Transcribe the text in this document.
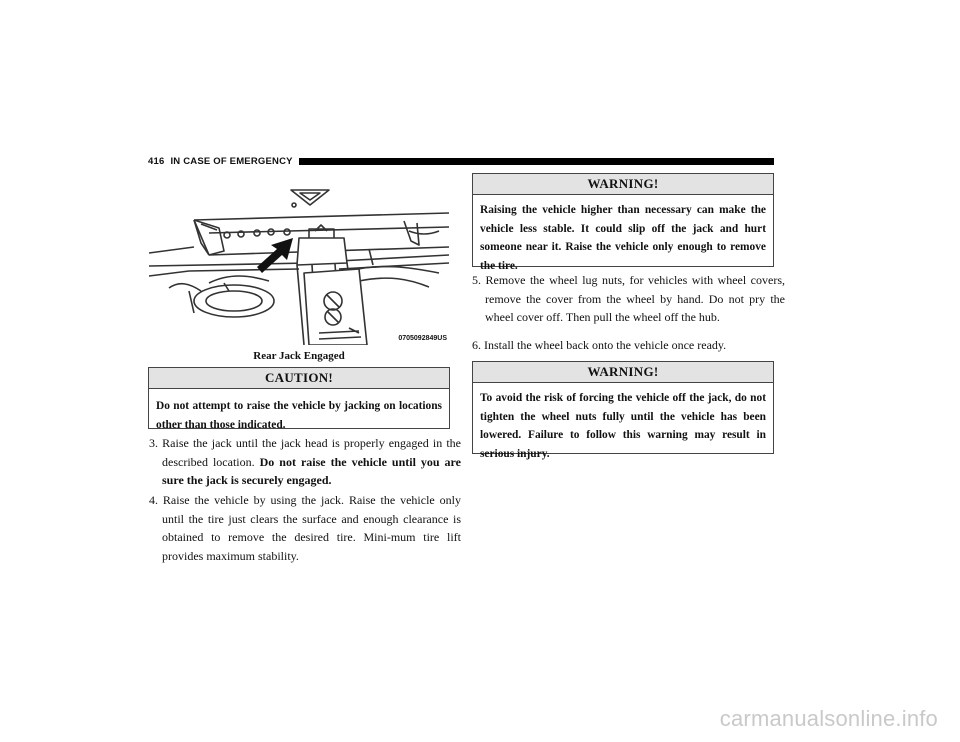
416 IN CASE OF EMERGENCY
0705092849US
Rear Jack Engaged
CAUTION!
Do not attempt to raise the vehicle by jacking on locations other than those indicated.
3. Raise the jack until the jack head is properly engaged in the described location. Do not raise the vehicle until you are sure the jack is securely engaged.
4. Raise the vehicle by using the jack. Raise the vehicle only until the tire just clears the surface and enough clearance is obtained to remove the desired tire. Mini-mum tire lift provides maximum stability.
WARNING!
Raising the vehicle higher than necessary can make the vehicle less stable. It could slip off the jack and hurt someone near it. Raise the vehicle only enough to remove the tire.
5. Remove the wheel lug nuts, for vehicles with wheel covers, remove the cover from the wheel by hand. Do not pry the wheel cover off. Then pull the wheel off the hub.
6. Install the wheel back onto the vehicle once ready.
WARNING!
To avoid the risk of forcing the vehicle off the jack, do not tighten the wheel nuts fully until the vehicle has been lowered. Failure to follow this warning may result in serious injury.
carmanualsonline.info
